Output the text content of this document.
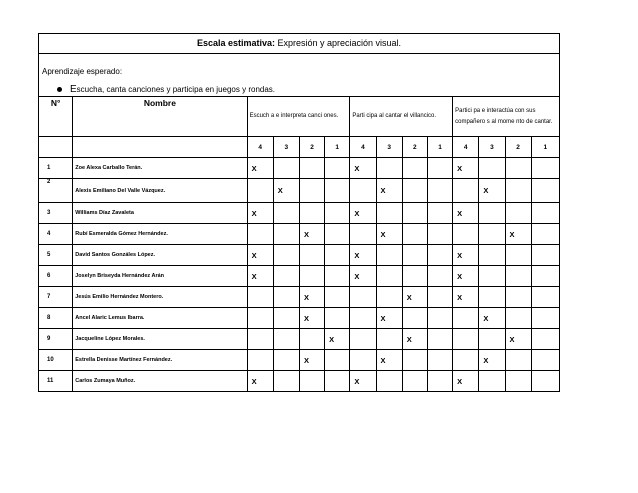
Escala estimativa: Expresión y apreciación visual.
Aprendizaje esperado:
Escucha, canta canciones y participa en juegos y rondas.
N°	Nombre	Escuch a e interpreta canci ones.				Parti cipa al cantar el villancico.				Partici pa e interactúa con sus compañero s al mome nto de cantar.			
		4	3	2	1	4	3	2	1	4	3	2	1
1	Zoe Alexa Carballo Terán.	X				X				X			
2	Alexis Emiliano Del Valle Vázquez.		X				X				X		
3	Williams Díaz Zavaleta	X				X				X			
4	Rubí Esmeralda Gómez Hernández.			X			X					X	
5	David Santos Gonzáles López.	X				X				X			
6	Joselyn Briseyda Hernández Arán	X				X				X			
7	Jesús Emilio Hernández Montero.			X				X		X			
8	Ancel Alaric Lemus Ibarra.			X			X				X		
9	Jacqueline López Morales.				X			X				X	
10	Estrella Denisse Martínez Fernández.			X			X				X		
11	Carlos Zumaya Muñoz.	X				X				X			
